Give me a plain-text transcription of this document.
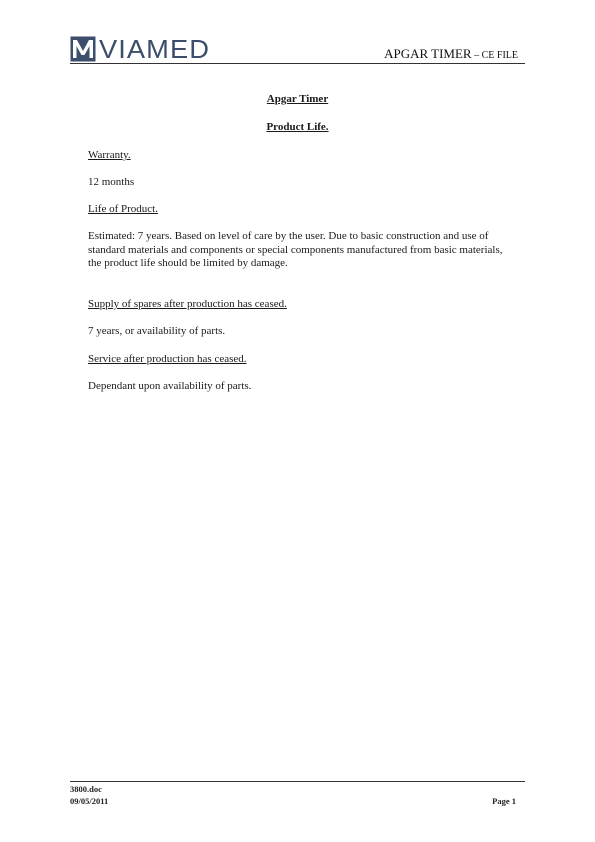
VIAMED	APGAR TIMER – CE FILE
Apgar Timer
Product Life.
Warranty.
12 months
Life of Product.
Estimated: 7 years. Based on level of care by the user. Due to basic construction and use of standard materials and components or special components manufactured from basic materials, the product life should be limited by damage.
Supply of spares after production has ceased.
7 years, or availability of parts.
Service after production has ceased.
Dependant upon availability of parts.
3800.doc
09/05/2011	Page 1
